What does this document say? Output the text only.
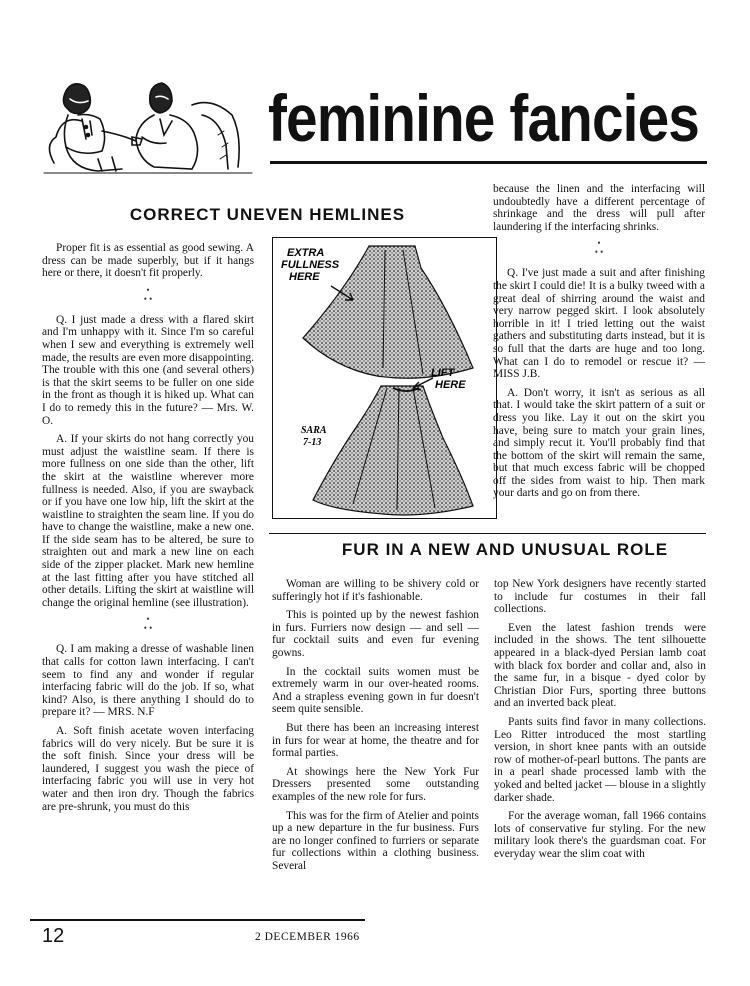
feminine fancies
CORRECT UNEVEN HEMLINES

Proper fit is as essential as good sewing. A dress can be made superbly, but if it hangs here or there, it doesn't fit properly.

•
• •

Q. I just made a dress with a flared skirt and I'm unhappy with it. Since I'm so careful when I sew and everything is extremely well made, the results are even more disappointing. The trouble with this one (and several others) is that the skirt seems to be fuller on one side in the front as though it is hiked up. What can I do to remedy this in the future? — Mrs. W. O.

A. If your skirts do not hang correctly you must adjust the waistline seam. If there is more fullness on one side than the other, lift the skirt at the waistline wherever more fullness is needed. Also, if you are swayback or if you have one low hip, lift the skirt at the waistline to straighten the seam line. If you do have to change the waistline, make a new one. If the side seam has to be altered, be sure to straighten out and mark a new line on each side of the zipper placket. Mark new hemline at the last fitting after you have stitched all other details. Lifting the skirt at waistline will change the original hemline (see illustration).

•
• •

Q. I am making a dresse of washable linen that calls for cotton lawn interfacing. I can't seem to find any and wonder if regular interfacing fabric will do the job. If so, what kind? Also, is there anything I should do to prepare it? — MRS. N.F

A. Soft finish acetate woven interfacing fabrics will do very nicely. But be sure it is the soft finish. Since your dress will be laundered, I suggest you wash the piece of interfacing fabric you will use in very hot water and then iron dry. Though the fabrics are pre-shrunk, you must do this

EXTRA
FULLNESS
HERE
LIFT
HERE
SARA
7-13

because the linen and the interfacing will undoubtedly have a different percentage of shrinkage and the dress will pull after laundering if the interfacing shrinks.

•
• •

Q. I've just made a suit and after finishing the skirt I could die! It is a bulky tweed with a great deal of shirring around the waist and very narrow pegged skirt. I look absolutely horrible in it! I tried letting out the waist gathers and substituting darts instead, but it is so full that the darts are huge and too long. What can I do to remodel or rescue it? — MISS J.B.

A. Don't worry, it isn't as serious as all that. I would take the skirt pattern of a suit or dress you like. Lay it out on the skirt you have, being sure to match your grain lines, and simply recut it. You'll probably find that the bottom of the skirt will remain the same, but that much excess fabric will be chopped off the sides from waist to hip. Then mark your darts and go on from there.

FUR IN A NEW AND UNUSUAL ROLE

Woman are willing to be shivery cold or sufferingly hot if it's fashionable.

This is pointed up by the newest fashion in furs. Furriers now design — and sell — fur cocktail suits and even fur evening gowns.

In the cocktail suits women must be extremely warm in our over-heated rooms. And a strapless evening gown in fur doesn't seem quite sensible.

But there has been an increasing interest in furs for wear at home, the theatre and for formal parties.

At showings here the New York Fur Dressers presented some outstanding examples of the new role for furs.

This was for the firm of Atelier and points up a new departure in the fur business. Furs are no longer confined to furriers or separate fur collections within a clothing business. Several

top New York designers have recently started to include fur costumes in their fall collections.

Even the latest fashion trends were included in the shows. The tent silhouette appeared in a black-dyed Persian lamb coat with black fox border and collar and, also in the same fur, in a bisque - dyed color by Christian Dior Furs, sporting three buttons and an inverted back pleat.

Pants suits find favor in many collections. Leo Ritter introduced the most startling version, in short knee pants with an outside row of mother-of-pearl buttons. The pants are in a pearl shade processed lamb with the yoked and belted jacket — blouse in a slightly darker shade.

For the average woman, fall 1966 contains lots of conservative fur styling. For the new military look there's the guardsman coat. For everyday wear the slim coat with

12	2 DECEMBER 1966
